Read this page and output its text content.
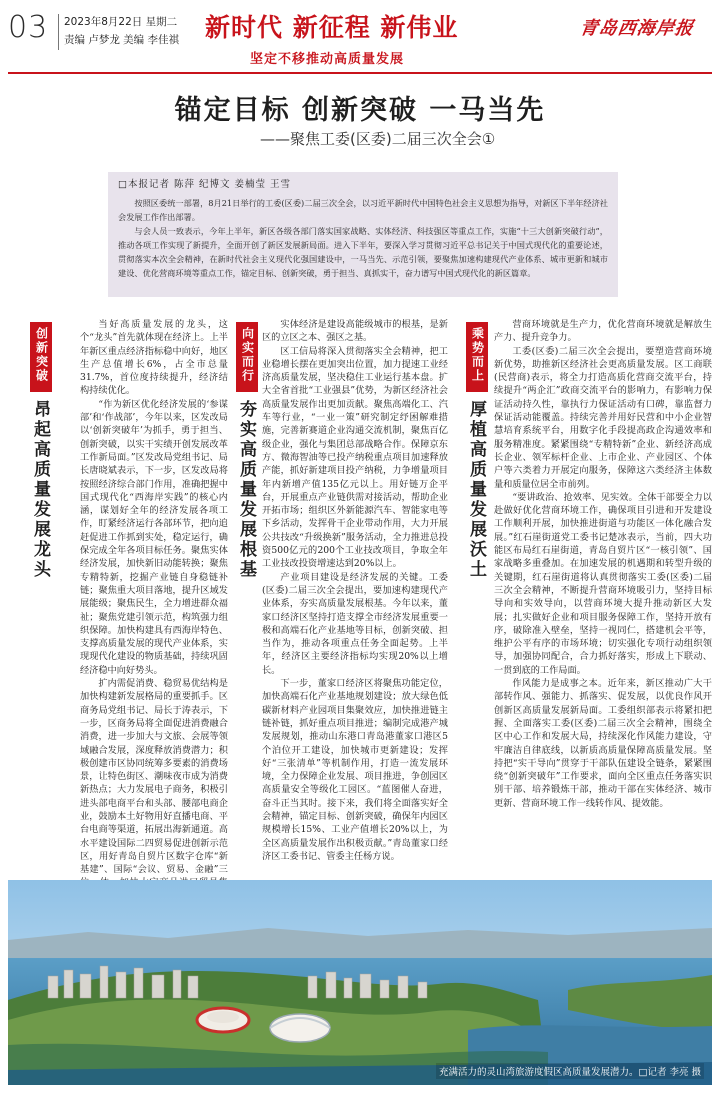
03 2023年8月22日 星期二
责编 卢梦龙 美编 李佳祺 新时代 新征程 新伟业
坚定不移推动高质量发展
青岛西海岸报
锚定目标 创新突破 一马当先
——聚焦工委(区委)二届三次全会①
□本报记者 陈萍 纪博文 姜楠莹 王雪

按照区委统一部署，8月21日举行的工委(区委)二届三次全会，以习近平新时代中国特色社会主义思想为指导，对新区下半年经济社会发展工作作出部署。

与会人员一致表示，今年上半年，新区各级各部门落实国家战略、实体经济、科技强区等重点工作，实施“十三大创新突破行动”，推动各项工作实现了新提升，全面开创了新区发展新局面。进入下半年，要深入学习贯彻习近平总书记关于中国式现代化的重要论述，贯彻落实本次全会精神，在新时代社会主义现代化强国建设中，一马当先、示范引领，要聚焦加速构建现代产业体系、城市更新和城市建设、优化营商环境等重点工作，锚定目标、创新突破，勇于担当、真抓实干，奋力谱写中国式现代化的新区篇章。

创新突破
昂起高质量发展龙头
向实而行
夯实高质量发展根基
乘势而上
厚植高质量发展沃土

当好高质量发展的龙头，这个“龙头”首先就体现在经济上。上半年新区重点经济指标稳中向好，地区生产总值增长6%，占全市总量31.7%，首位度持续提升，经济结构持续优化。

“作为新区优化经济发展的‘参谋部’和‘作战部’，今年以来，区发改局以‘创新突破年’为抓手，勇于担当、创新突破，以实干实绩开创发展改革工作新局面。”区发改局党组书记、局长唐晓斌表示，下一步，区发改局将按照经济综合部门作用，准确把握中国式现代化“西海岸实践”的核心内涵，谋划好全年的经济发展各项工作，盯紧经济运行各部环节，把向追赶促进工作抓到实处，稳定运行，确保完成全年各项目标任务。聚焦实体经济发展，加快新旧动能转换；聚焦专精特新，挖掘产业链自身稳链补链；聚焦重大项目落地，提升区域发展能级；聚焦民生，全力增进群众福祉；聚焦党建引领示范，构筑强力组织保障。加快构建具有西海岸特色、支撑高质量发展的现代产业体系，实现现代化建设的物质基础，持续巩固经济稳中向好势头。

扩内需促消费、稳贸易优结构是加快构建新发展格局的重要抓手。区商务局党组书记、局长于涛表示，下一步，区商务局将全面促进消费融合消费，进一步加大与文旅、会展等领域融合发展，深度释放消费潜力；积极创建市区协同统筹多要素的消费场景，让特色街区、潮味夜市成为消费新热点；大力发展电子商务，积极引进头部电商平台和头部、腰部电商企业，鼓励本土好物用好直播电商、平台电商等渠道，拓展出海新通道。高水平建设国际二四贸易促进创新示范区，用好青岛自贸片区数字仓库“新基建”、国际“会议、贸易、金融”三

实体经济是建设高能级城市的根基，是新区的立区之本、强区之基。

区工信局将深入贯彻落实全会精神，把工业稳增长摆在更加突出位置，加力提速工业经济高质量发展，坚决稳住工业运行基本盘。扩大全省首批“工业强县”优势，为新区经济社会高质量发展作出更加贡献。聚焦高端化工、汽车等行业，“一业一策”研究制定纾困解难措施，完善新赛道企业沟通交流机制，聚焦百亿级企业，强化与集团总部战略合作。保障京东方、微海智油等已投产纳税重点项目加速释放产能，抓好新建项目投产纳税，力争增量项目年内新增产值135亿元以上。用好链万企平台，开展重点产业链供需对接活动，帮助企业开拓市场；组织区外新能源汽车、智能家电等下乡活动，发挥骨干企业带动作用，大力开展公共技改“升级换新”服务活动，全力推进总投资500亿元的200个工业技改项目，争取全年工业技改投资增速达到20%以上。

产业项目建设是经济发展的关键。工委(区委)二届三次全会提出，要加速构建现代产业体系，夯实高质量发展根基。今年以来，董家口经济区坚持打造支撑全市经济发展重要一极和高端石化产业基地等目标，创新突破、担当作为，推动各项重点任务全面起势。上半年，经济区主要经济指标均实现20%以上增长。

下一步，董家口经济区将聚焦功能定位，加快高端石化产业基地规划建设；放大绿色低碳新材料产业园项目集聚效应，加快推进链主链补链，抓好重点项目推进；编制完成港产城发展规划，推动山东港口青岛港董家口港区5个泊位开工建设，加快城市更新建设；发挥好“三张清单”等机制作用，打造一流发展环境，全力保障企业发展、项目推进，争创园区高质量安全等级化工园区。“蓝图催人奋进，奋斗正当其时。接下来，我们将全面落实好全会精神，锚定目标、创新突破，确保年内园区规模增长15%、工业产值增长20%以上，为全区高质量发展作出积极贡献。”青岛董家口经济区工委书记、管委主任杨方说。

营商环境就是生产力，优化营商环境就是解放生产力、提升竞争力。

工委(区委)二届三次全会提出，要塑造营商环境新优势，助推新区经济社会更高质量发展。区工商联(民营商)表示，将全力打造高质化营商交流平台，持续提升“两企汇”政商交流平台的影响力，有影响力保证活动持久性，靠执行力保证活动有口碑，靠监督力保证活动能覆盖。持续完善并用好民营和中小企业智慧培育系统平台，用数字化手段提高政企沟通效率和服务精准度。紧紧围绕“专精特新”企业、新经济高成长企业、领军标杆企业、上市企业、产业园区、个体户等六类着力开展定向服务，保障这六类经济主体数量和质量位居全市前列。

“要讲政治、抢效率、见实效。全体干部要全力以赴做好优化营商环境工作，确保项目引进和开发建设工作顺利开展，加快推进街道与功能区一体化融合发展。”红石崖街道党工委书记楚冰表示，当前，四大功能区布局红石崖街道，青岛自贸片区“一核引领”、国家战略多重叠加。在加速发展的机遇期和转型升级的关键期，红石崖街道将认真贯彻落实工委(区委)二届三次全会精神，不断提升营商环境吸引力，坚持目标导向和实效导向，以营商环境大提升推动新区大发展；扎实做好企业和项目服务保障工作，坚持开放有序，破除准入壁垒，坚持一视同仁，搭建机会平等，维护公平有序的市场环境；切实强化专项行动组织领导，加强协同配合，合力抓好落实，形成上下联动、一贯到底的工作局面。

作风能力是成事之本。近年来，新区推动广大干部转作风、强能力、抓落实、促发展，以优良作风开创新区高质量发展新局面。工委组织部表示将紧扣把握、全面落实工委(区委)二届三次全会精神，围绕全区中心工作和发展大局，持续深化作风能力建设，守牢廉洁自律底线，以新质高质量保障高质量发展。坚持把“实干导向”贯穿于干部队伍建设全链条，紧紧围绕“创新突破年”工作要求，面向全区重点任务落实识别干部、培养锻炼干部，推动干部在实体经济、城市更新、营商环境工作一线转作风、提效能。

充满活力的灵山湾旅游度假区高质量发展潜力。□记者 李亮 摄
